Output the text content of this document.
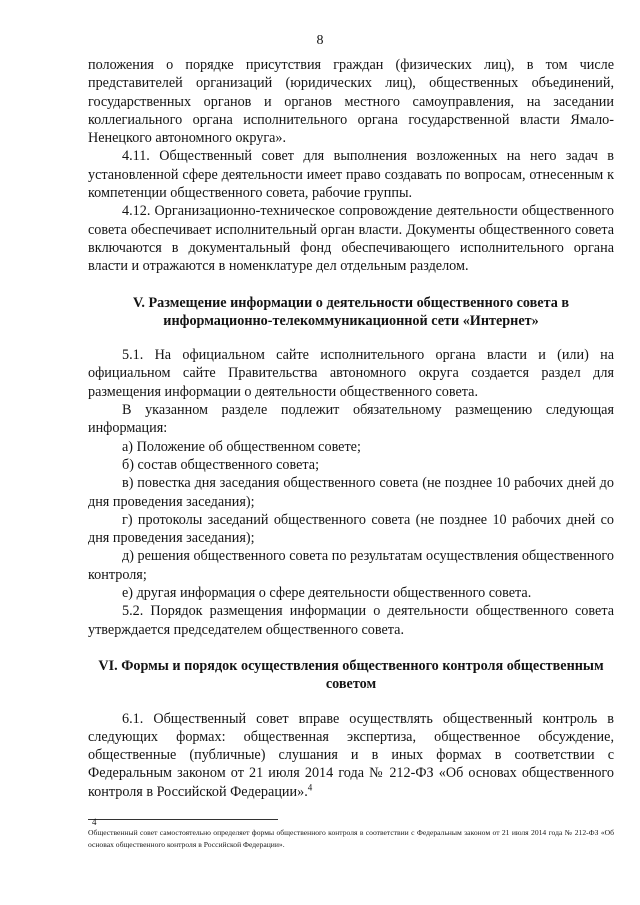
8

положения о порядке присутствия граждан (физических лиц), в том числе представителей организаций (юридических лиц), общественных объединений, государственных органов и органов местного самоуправления, на заседании коллегиального органа исполнительного органа государственной власти Ямало-Ненецкого автономного округа».

4.11. Общественный совет для выполнения возложенных на него задач в установленной сфере деятельности имеет право создавать по вопросам, отнесенным к компетенции общественного совета, рабочие группы.

4.12. Организационно-техническое сопровождение деятельности общественного совета обеспечивает исполнительный орган власти. Документы общественного совета включаются в документальный фонд обеспечивающего исполнительного органа власти и отражаются в номенклатуре дел отдельным разделом.

V. Размещение информации о деятельности общественного совета в информационно-телекоммуникационной сети «Интернет»

5.1. На официальном сайте исполнительного органа власти и (или) на официальном сайте Правительства автономного округа создается раздел для размещения информации о деятельности общественного совета.

В указанном разделе подлежит обязательному размещению следующая информация:

а) Положение об общественном совете;

б) состав общественного совета;

в) повестка дня заседания общественного совета (не позднее 10 рабочих дней до дня проведения заседания);

г) протоколы заседаний общественного совета (не позднее 10 рабочих дней со дня проведения заседания);

д) решения общественного совета по результатам осуществления общественного контроля;

е) другая информация о сфере деятельности общественного совета.

5.2. Порядок размещения информации о деятельности общественного совета утверждается председателем общественного совета.

VI. Формы и порядок осуществления общественного контроля общественным советом

6.1. Общественный совет вправе осуществлять общественный контроль в следующих формах: общественная экспертиза, общественное обсуждение, общественные (публичные) слушания и в иных формах в соответствии с Федеральным законом от 21 июля 2014 года № 212-ФЗ «Об основах общественного контроля в Российской Федерации».$^4$

4
Общественный совет самостоятельно определяет формы общественного контроля в соответствии с Федеральным законом от 21 июля 2014 года № 212-ФЗ «Об основах общественного контроля в Российской Федерации».
